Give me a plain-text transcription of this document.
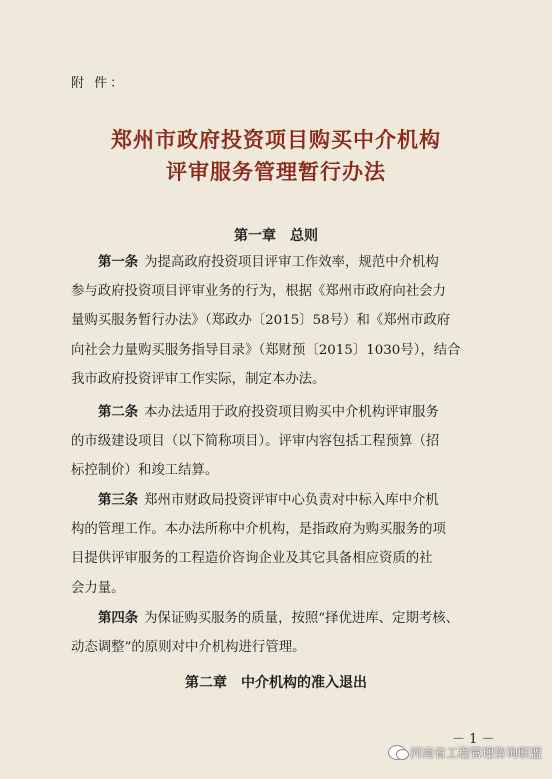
附 件：
郑州市政府投资项目购买中介机构
评审服务管理暂行办法
第一章　总则
第一条 为提高政府投资项目评审工作效率，规范中介机构
参与政府投资项目评审业务的行为，根据《郑州市政府向社会力
量购买服务暂行办法》（郑政办〔2015〕58号）和《郑州市政府
向社会力量购买服务指导目录》（郑财预〔2015〕1030号），结合
我市政府投资评审工作实际，制定本办法。
第二条 本办法适用于政府投资项目购买中介机构评审服务
的市级建设项目（以下简称项目）。评审内容包括工程预算（招
标控制价）和竣工结算。
第三条 郑州市财政局投资评审中心负责对中标入库中介机
构的管理工作。本办法所称中介机构，是指政府为购买服务的项
目提供评审服务的工程造价咨询企业及其它具备相应资质的社
会力量。
第四条 为保证购买服务的质量，按照“择优进库、定期考核、
动态调整”的原则对中介机构进行管理。
第二章　中介机构的准入退出
－ 1 －
河南省工程管理咨询联盟
